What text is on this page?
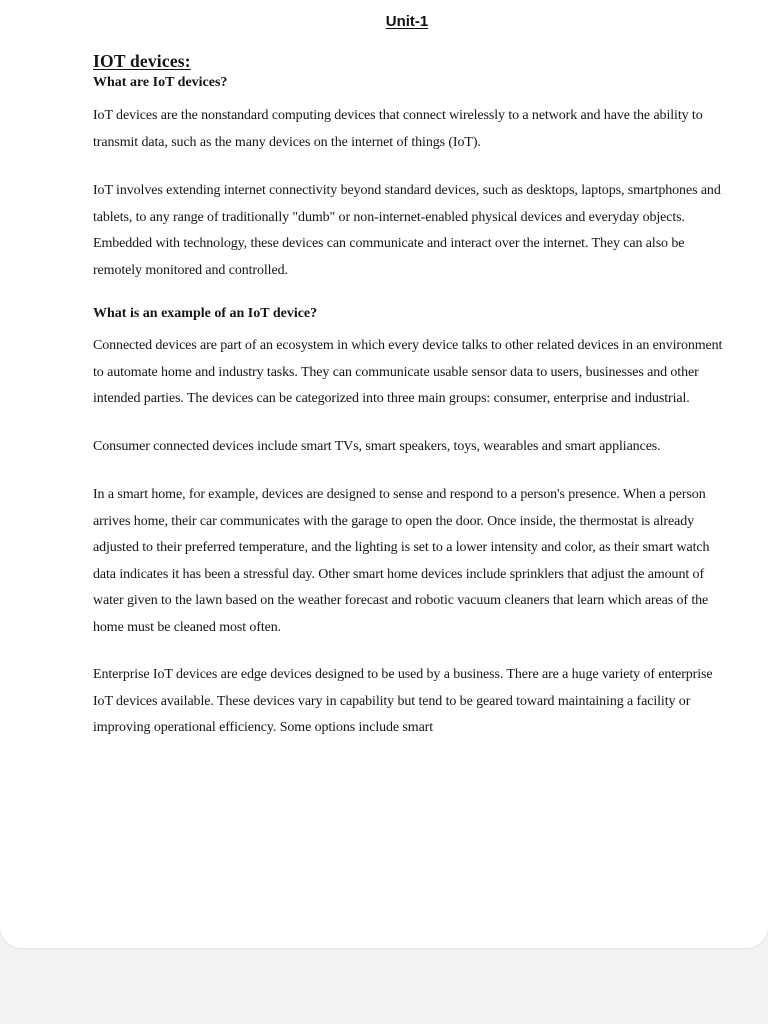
Unit-1
IOT devices:

What are IoT devices?

IoT devices are the nonstandard computing devices that connect wirelessly to a network and have the ability to transmit data, such as the many devices on the internet of things (IoT).

IoT involves extending internet connectivity beyond standard devices, such as desktops, laptops, smartphones and tablets, to any range of traditionally "dumb" or non-internet-enabled physical devices and everyday objects. Embedded with technology, these devices can communicate and interact over the internet. They can also be remotely monitored and controlled.

What is an example of an IoT device?

Connected devices are part of an ecosystem in which every device talks to other related devices in an environment to automate home and industry tasks. They can communicate usable sensor data to users, businesses and other intended parties. The devices can be categorized into three main groups: consumer, enterprise and industrial.

Consumer connected devices include smart TVs, smart speakers, toys, wearables and smart appliances.

In a smart home, for example, devices are designed to sense and respond to a person's presence. When a person arrives home, their car communicates with the garage to open the door. Once inside, the thermostat is already adjusted to their preferred temperature, and the lighting is set to a lower intensity and color, as their smart watch data indicates it has been a stressful day. Other smart home devices include sprinklers that adjust the amount of water given to the lawn based on the weather forecast and robotic vacuum cleaners that learn which areas of the home must be cleaned most often.

Enterprise IoT devices are edge devices designed to be used by a business. There are a huge variety of enterprise IoT devices available. These devices vary in capability but tend to be geared toward maintaining a facility or improving operational efficiency. Some options include smart
